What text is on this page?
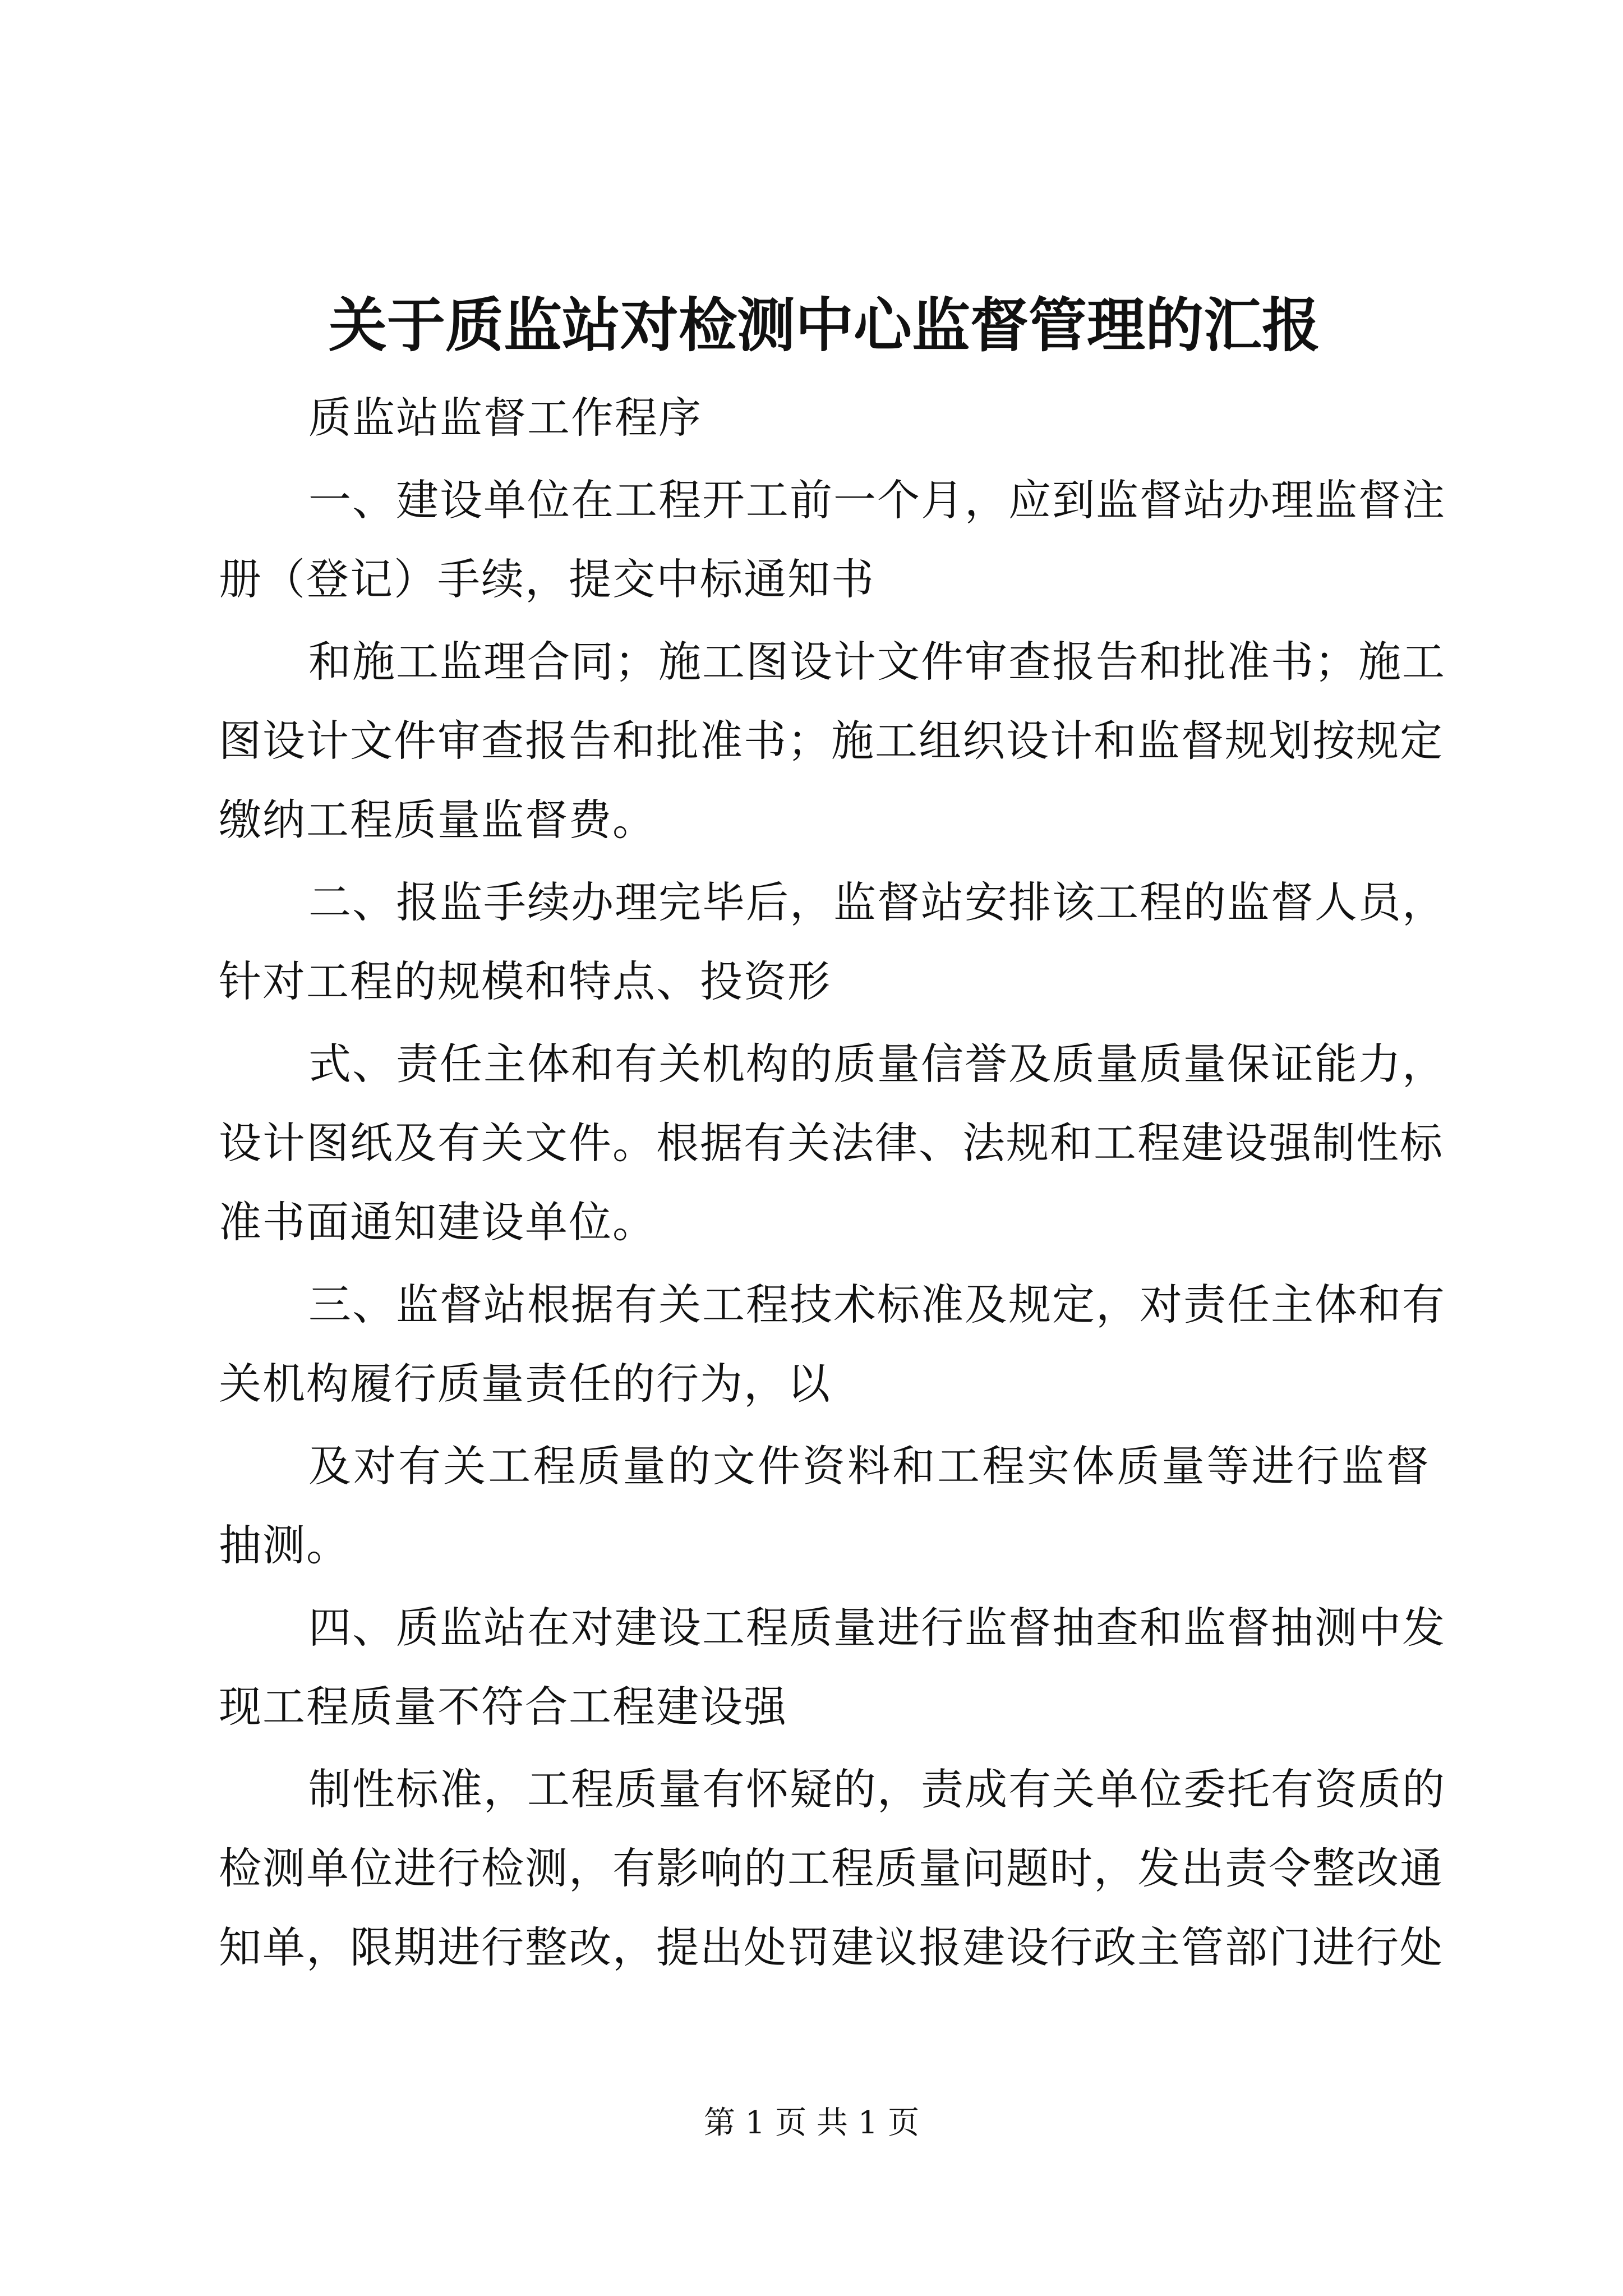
关于质监站对检测中心监督管理的汇报
质监站监督工作程序
一、建设单位在工程开工前一个月，应到监督站办理监督注
册（登记）手续，提交中标通知书
和施工监理合同；施工图设计文件审查报告和批准书；施工
图设计文件审查报告和批准书；施工组织设计和监督规划按规定
缴纳工程质量监督费。
二、报监手续办理完毕后，监督站安排该工程的监督人员，
针对工程的规模和特点、投资形
式、责任主体和有关机构的质量信誉及质量质量保证能力，
设计图纸及有关文件。根据有关法律、法规和工程建设强制性标
准书面通知建设单位。
三、监督站根据有关工程技术标准及规定，对责任主体和有
关机构履行质量责任的行为，以
及对有关工程质量的文件资料和工程实体质量等进行监督
抽测。
四、质监站在对建设工程质量进行监督抽查和监督抽测中发
现工程质量不符合工程建设强
制性标准，工程质量有怀疑的，责成有关单位委托有资质的
检测单位进行检测，有影响的工程质量问题时，发出责令整改通
知单，限期进行整改，提出处罚建议报建设行政主管部门进行处
第 1 页 共 1 页
